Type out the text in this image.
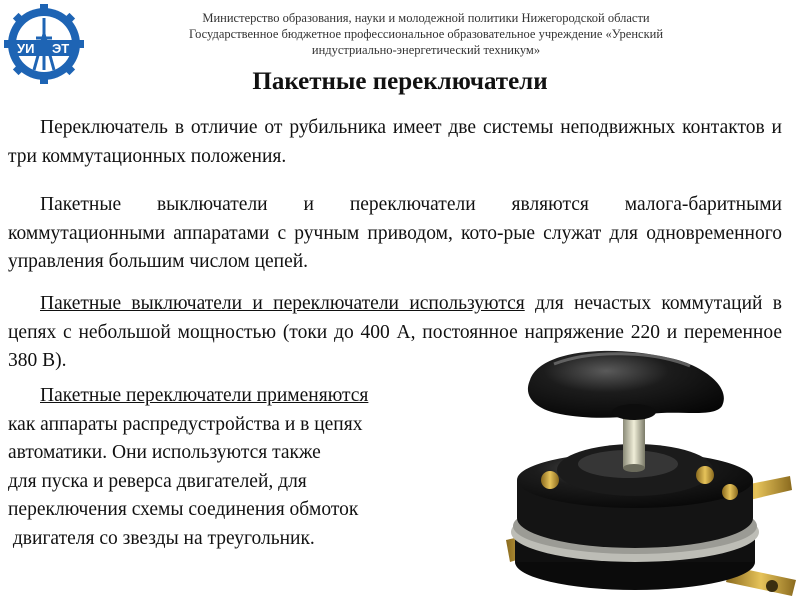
УИ ЭТ
Министерство образования, науки и молодежной политики Нижегородской области
Государственное бюджетное профессиональное образовательное учреждение «Уренский
индустриально-энергетический техникум»
Пакетные переключатели

Переключатель в отличие от рубильника имеет две системы неподвижных контактов и три коммутационных положения.

Пакетные выключатели и переключатели являются малога-баритными коммутационными аппаратами с ручным приводом, кото-рые служат для одновременного управления большим числом цепей.

Пакетные выключатели и переключатели используются для нечастых коммутаций в цепях с небольшой мощностью (токи до 400 А, постоянное напряжение 220 и переменное 380 В).

Пакетные переключатели применяются
как аппараты распредустройства и в цепях
автоматики. Они используются также
для пуска и реверса двигателей, для
переключения схемы соединения обмоток
двигателя со звезды на треугольник.
